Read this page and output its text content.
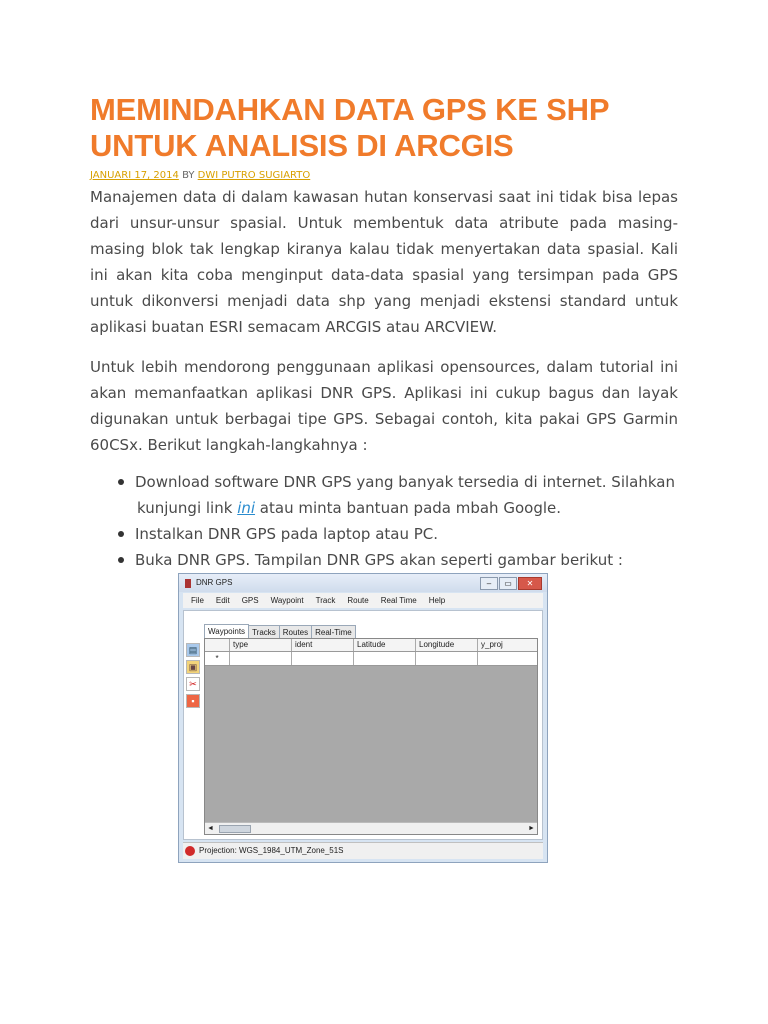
MEMINDAHKAN DATA GPS KE SHP UNTUK ANALISIS DI ARCGIS
JANUARI 17, 2014 BY DWI PUTRO SUGIARTO

Manajemen data di dalam kawasan hutan konservasi saat ini tidak bisa lepas dari unsur-unsur spasial. Untuk membentuk data atribute pada masing-masing blok tak lengkap kiranya kalau tidak menyertakan data spasial. Kali ini akan kita coba menginput data-data spasial yang tersimpan pada GPS untuk dikonversi menjadi data shp yang menjadi ekstensi standard untuk aplikasi buatan ESRI semacam ARCGIS atau ARCVIEW.

Untuk lebih mendorong penggunaan aplikasi opensources, dalam tutorial ini akan memanfaatkan aplikasi DNR GPS. Aplikasi ini cukup bagus dan layak digunakan untuk berbagai tipe GPS. Sebagai contoh, kita pakai GPS Garmin 60CSx. Berikut langkah-langkahnya :

Download software DNR GPS yang banyak tersedia di internet. Silahkan
kunjungi link ini atau minta bantuan pada mbah Google.
Instalkan DNR GPS pada laptop atau PC.
Buka DNR GPS. Tampilan DNR GPS akan seperti gambar berikut :
DNR GPS	–	▭	✕
File Edit GPS Waypoint Track Route Real Time Help
▤
▣
✂
▪
Waypoints Tracks Routes Real-Time
type	ident	Latitude	Longitude	y_proj
*
◄	►
Projection: WGS_1984_UTM_Zone_51S
